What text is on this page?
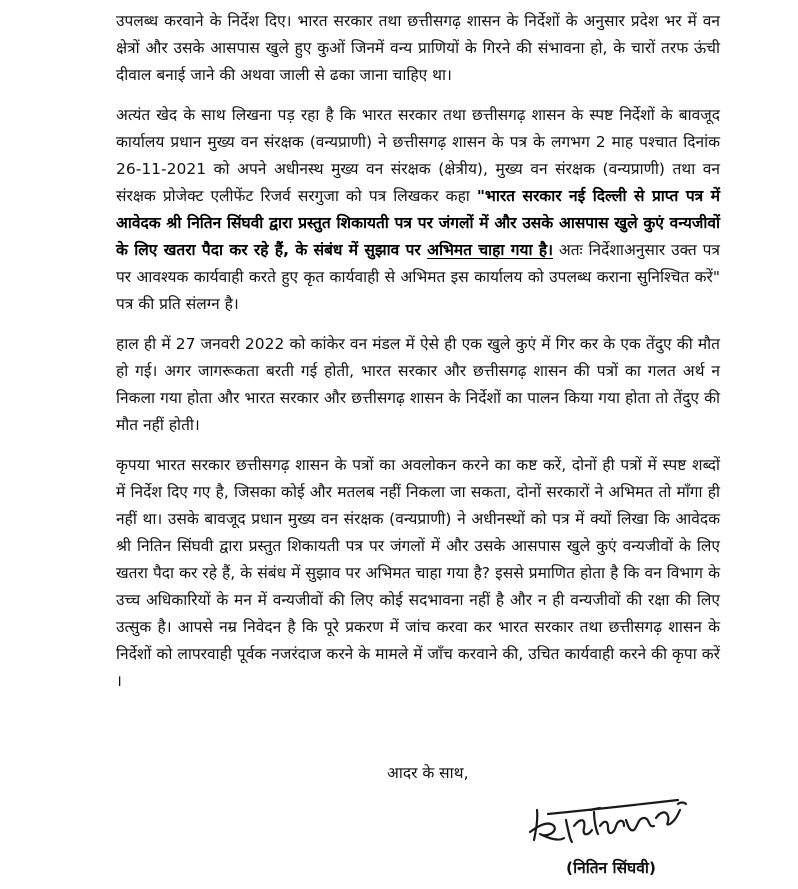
उपलब्ध करवाने के निर्देश दिए। भारत सरकार तथा छत्तीसगढ़ शासन के निर्देशों के अनुसार प्रदेश भर में वन क्षेत्रों और उसके आसपास खुले हुए कुओं जिनमें वन्य प्राणियों के गिरने की संभावना हो, के चारों तरफ ऊंची दीवाल बनाई जाने की अथवा जाली से ढका जाना चाहिए था।

अत्यंत खेद के साथ लिखना पड़ रहा है कि भारत सरकार तथा छत्तीसगढ़ शासन के स्पष्ट निर्देशों के बावजूद कार्यालय प्रधान मुख्य वन संरक्षक (वन्यप्राणी) ने छत्तीसगढ़ शासन के पत्र के लगभग 2 माह पश्चात दिनांक 26-11-2021 को अपने अधीनस्थ मुख्य वन संरक्षक (क्षेत्रीय), मुख्य वन संरक्षक (वन्यप्राणी) तथा वन संरक्षक प्रोजेक्ट एलीफेंट रिजर्व सरगुजा को पत्र लिखकर कहा "भारत सरकार नई दिल्ली से प्राप्त पत्र में आवेदक श्री नितिन सिंघवी द्वारा प्रस्तुत शिकायती पत्र पर जंगलों में और उसके आसपास खुले कुएं वन्यजीवों के लिए खतरा पैदा कर रहे हैं, के संबंध में सुझाव पर अभिमत चाहा गया है। अतः निर्देशाअनुसार उक्त पत्र पर आवश्यक कार्यवाही करते हुए कृत कार्यवाही से अभिमत इस कार्यालय को उपलब्ध कराना सुनिश्चित करें" पत्र की प्रति संलग्न है।

हाल ही में 27 जनवरी 2022 को कांकेर वन मंडल में ऐसे ही एक खुले कुएं में गिर कर के एक तेंदुए की मौत हो गई। अगर जागरूकता बरती गई होती, भारत सरकार और छत्तीसगढ़ शासन की पत्रों का गलत अर्थ न निकला गया होता और भारत सरकार और छत्तीसगढ़ शासन के निर्देशों का पालन किया गया होता तो तेंदुए की मौत नहीं होती।

कृपया भारत सरकार छत्तीसगढ़ शासन के पत्रों का अवलोकन करने का कष्ट करें, दोनों ही पत्रों में स्पष्ट शब्दों में निर्देश दिए गए है, जिसका कोई और मतलब नहीं निकला जा सकता, दोनों सरकारों ने अभिमत तो माँगा ही नहीं था। उसके बावजूद प्रधान मुख्य वन संरक्षक (वन्यप्राणी) ने अधीनस्थों को पत्र में क्यों लिखा कि आवेदक श्री नितिन सिंघवी द्वारा प्रस्तुत शिकायती पत्र पर जंगलों में और उसके आसपास खुले कुएं वन्यजीवों के लिए खतरा पैदा कर रहे हैं, के संबंध में सुझाव पर अभिमत चाहा गया है? इससे प्रमाणित होता है कि वन विभाग के उच्च अधिकारियों के मन में वन्यजीवों की लिए कोई सदभावना नहीं है और न ही वन्यजीवों की रक्षा की लिए उत्सुक है। आपसे नम्र निवेदन है कि पूरे प्रकरण में जांच करवा कर भारत सरकार तथा छत्तीसगढ़ शासन के निर्देशों को लापरवाही पूर्वक नजरंदाज करने के मामले में जाँच करवाने की, उचित कार्यवाही करने की कृपा करें ।

आदर के साथ,
(नितिन सिंघवी)
